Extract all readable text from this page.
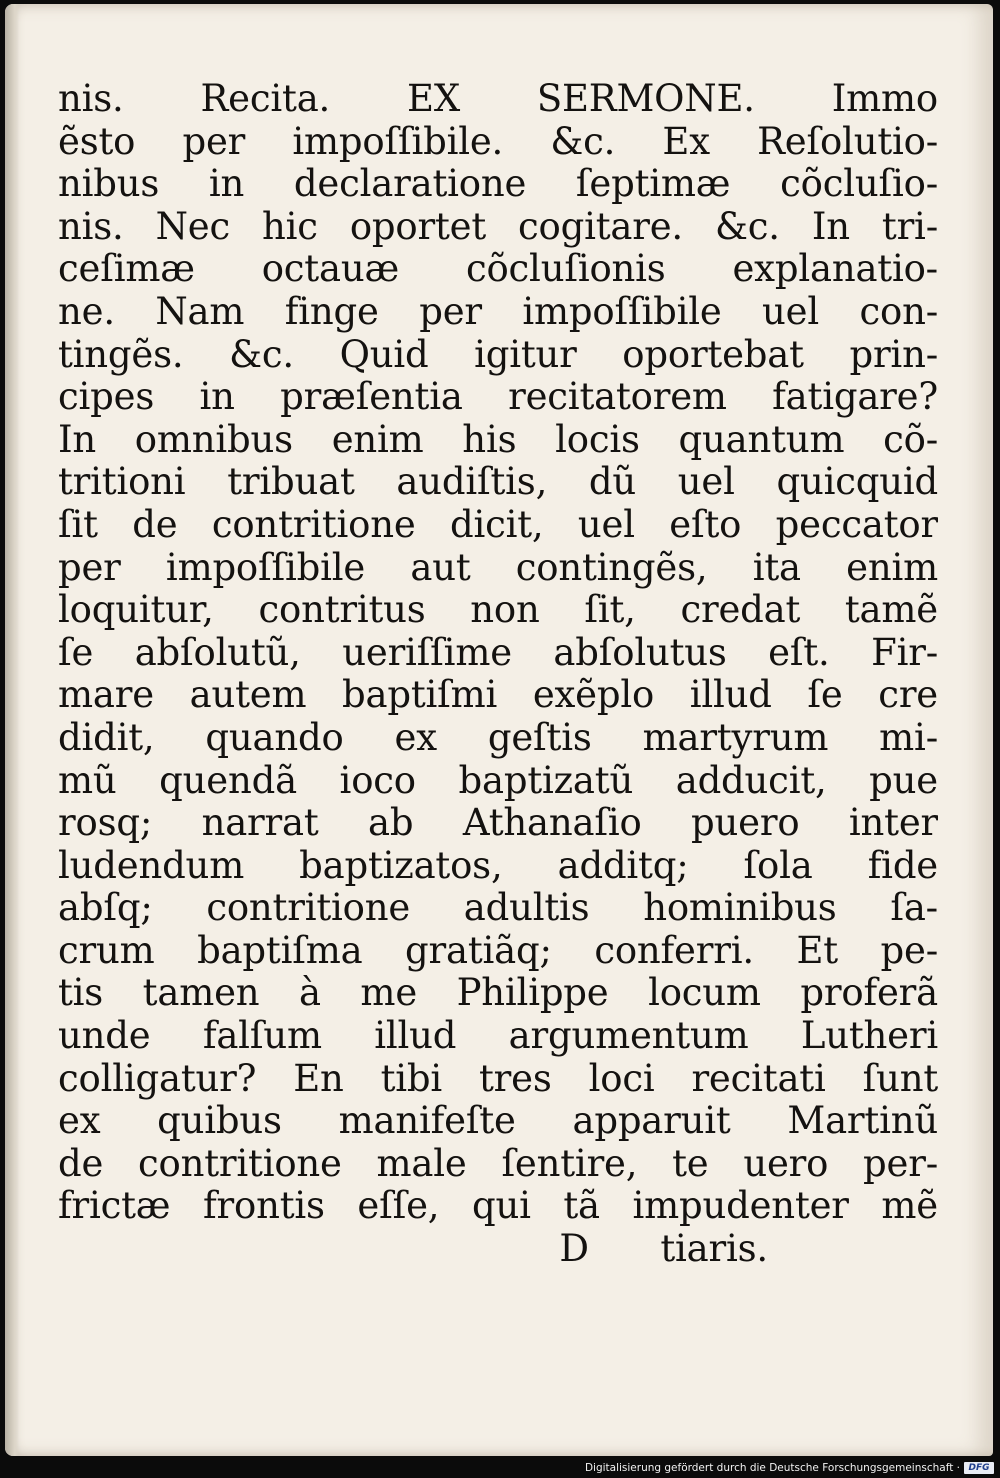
nis. Recita. EX SERMONE. Immo
ẽsto per impoſſibile. &c. Ex Reſolutio-
nibus in declaratione ſeptimæ cõcluſio-
nis. Nec hic oportet cogitare. &c. In tri-
ceſimæ octauæ cõcluſionis explanatio-
ne. Nam finge per impoſſibile uel con-
tingẽs. &c. Quid igitur oportebat prin-
cipes in præſentia recitatorem fatigare?
In omnibus enim his locis quantum cõ-
tritioni tribuat audiſtis, dũ uel quicquid
ſit de contritione dicit, uel eſto peccator
per impoſſibile aut contingẽs, ita enim
loquitur, contritus non ſit, credat tamẽ
ſe abſolutũ, ueriſſime abſolutus eſt. Fir-
mare autem baptiſmi exẽplo illud ſe cre
didit, quando ex geſtis martyrum mi-
mũ quendã ioco baptizatũ adducit, pue
rosq; narrat ab Athanaſio puero inter
ludendum baptizatos, additq; ſola fide
abſq; contritione adultis hominibus ſa-
crum baptiſma gratiãq; conferri. Et pe-
tis tamen à me Philippe locum proferã
unde falſum illud argumentum Lutheri
colligatur? En tibi tres loci recitati ſunt
ex quibus manifeſte apparuit Martinũ
de contritione male ſentire, te uero per-
frictæ frontis eſſe, qui tã impudenter mẽ
D tiaris.
Digitalisierung gefördert durch die Deutsche Forschungsgemeinschaft · DFG
